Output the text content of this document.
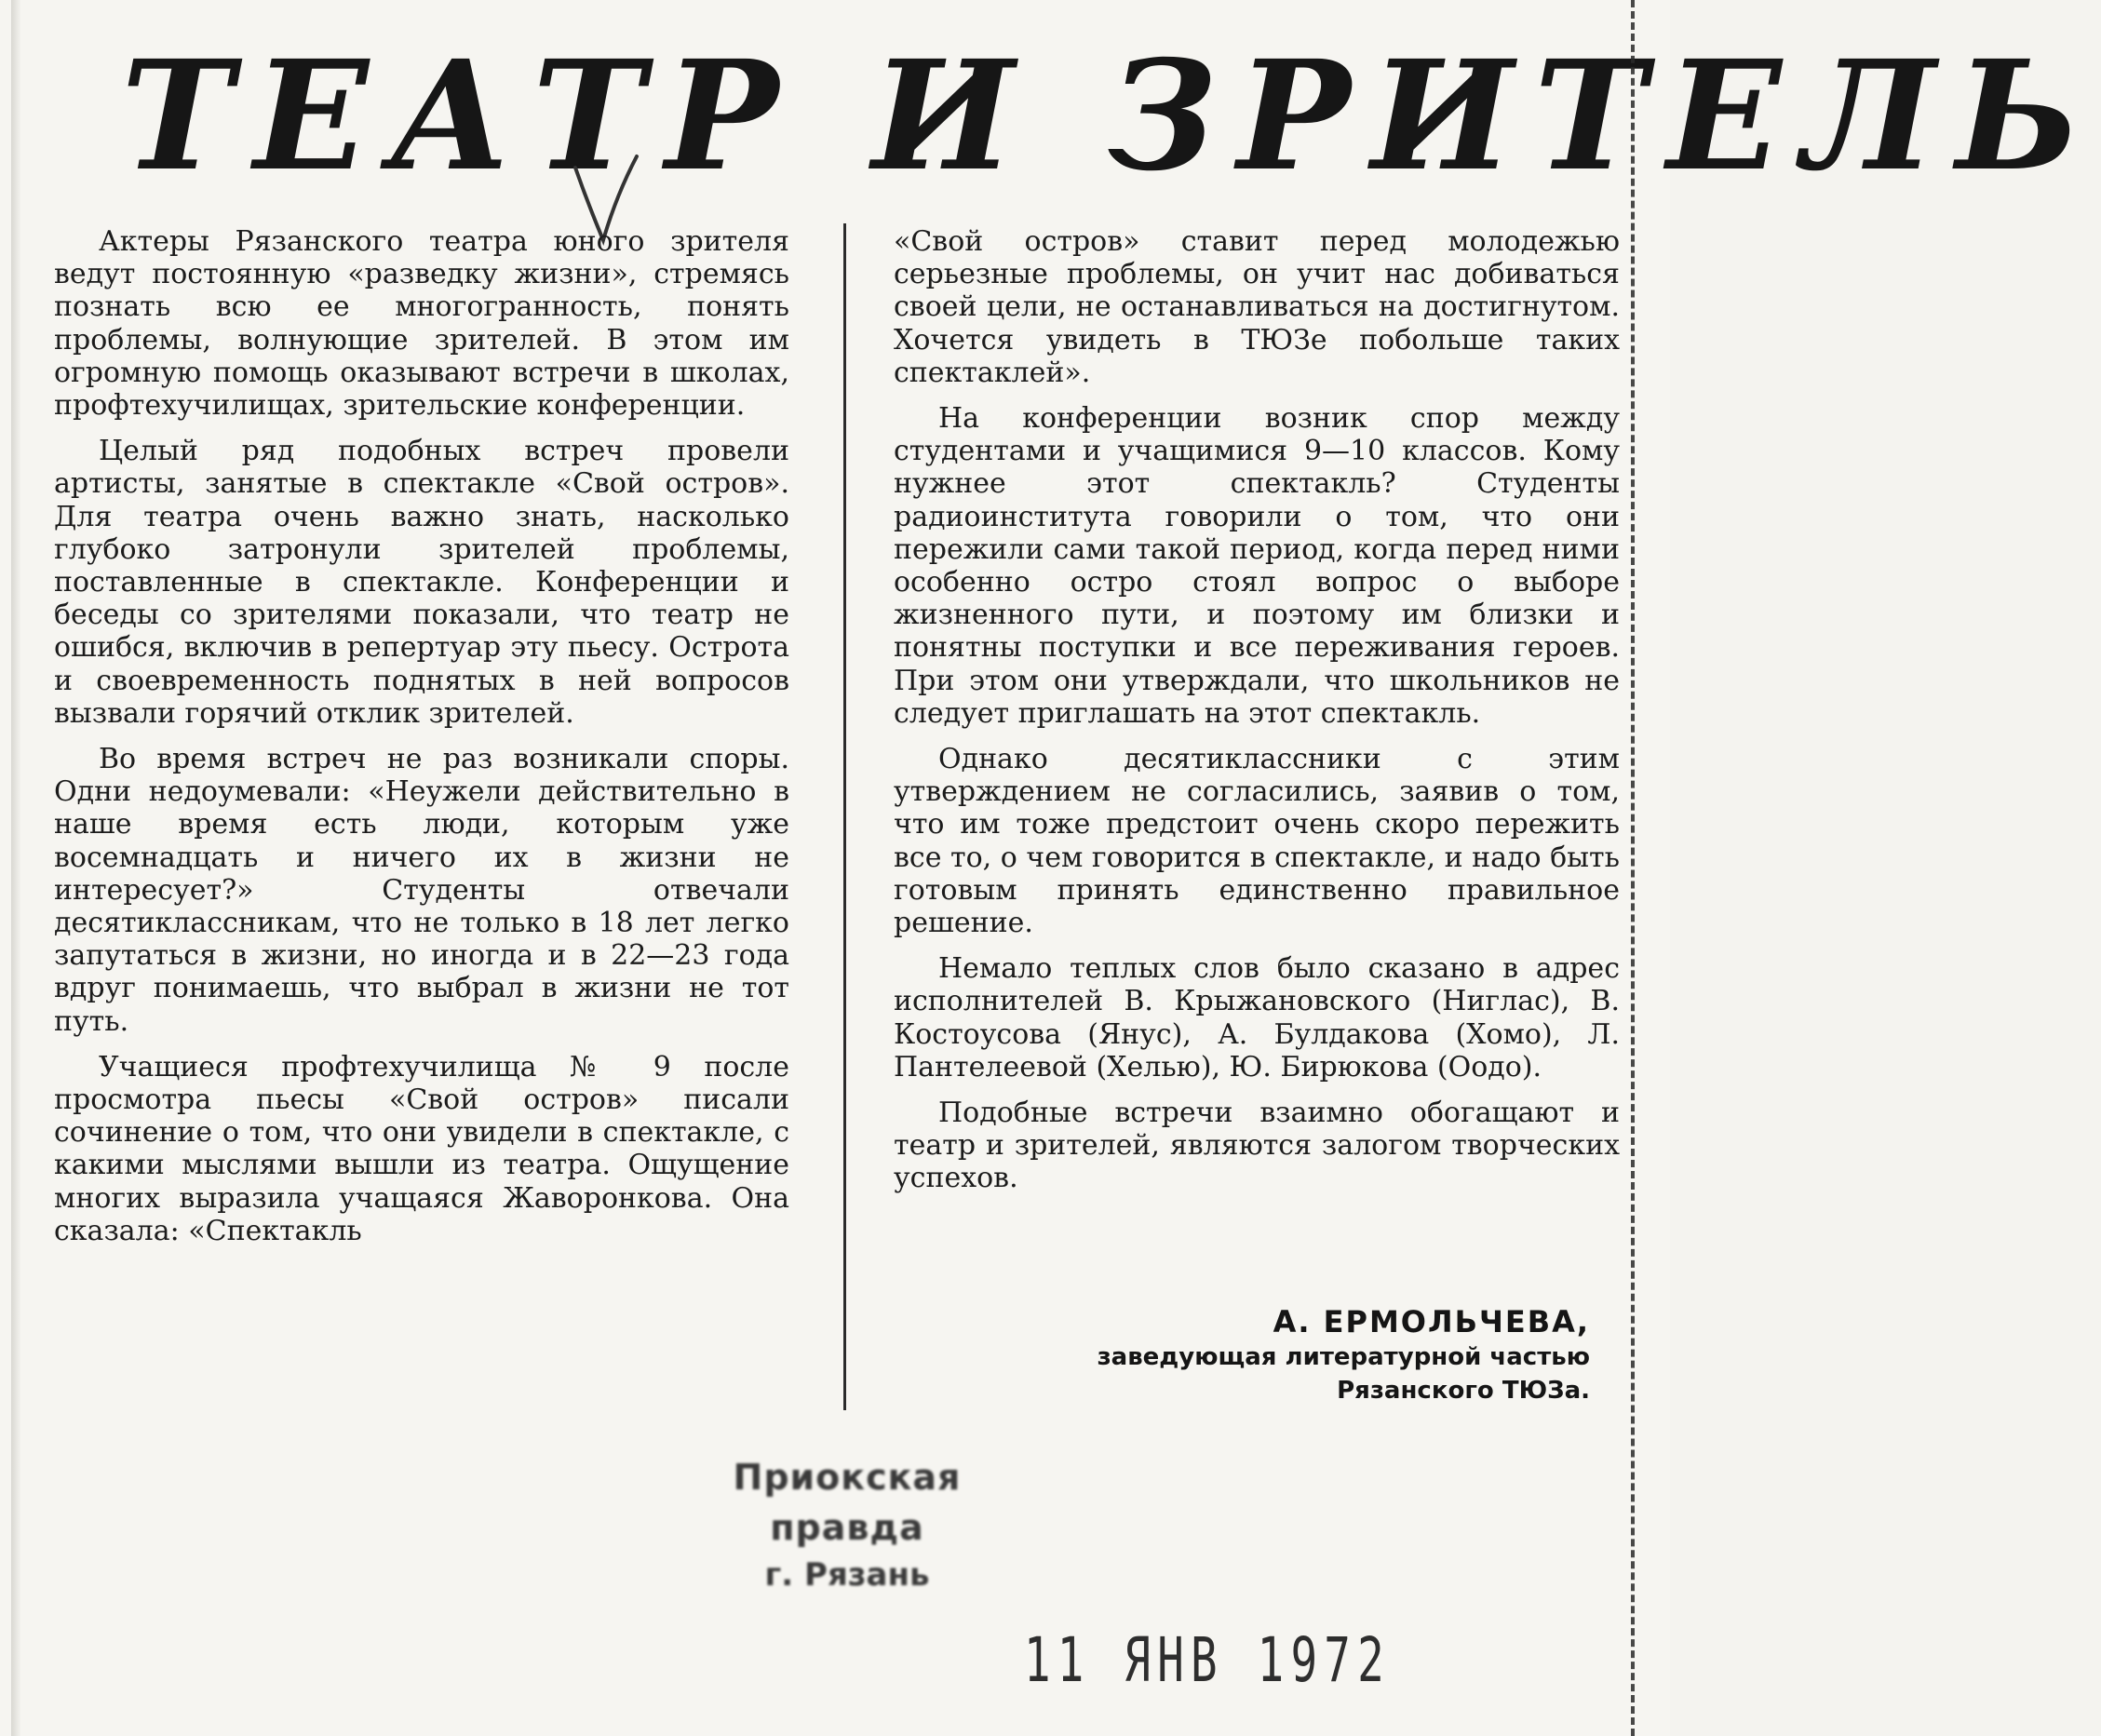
ТЕАТР И ЗРИТЕЛЬ

Актеры Рязанского театра юного зрителя ведут постоянную «разведку жизни», стремясь познать всю ее многогранность, понять проблемы, волнующие зрителей. В этом им огромную помощь оказывают встречи в школах, профтехучилищах, зрительские конференции.

Целый ряд подобных встреч провели артисты, занятые в спектакле «Свой остров». Для театра очень важно знать, насколько глубоко затронули зрителей проблемы, поставленные в спектакле. Конференции и беседы со зрителями показали, что театр не ошибся, включив в репертуар эту пьесу. Острота и своевременность поднятых в ней вопросов вызвали горячий отклик зрителей.

Во время встреч не раз возникали споры. Одни недоумевали: «Неужели действительно в наше время есть люди, которым уже восемнадцать и ничего их в жизни не интересует?» Студенты отвечали десятиклассникам, что не только в 18 лет легко запутаться в жизни, но иногда и в 22—23 года вдруг понимаешь, что выбрал в жизни не тот путь.

Учащиеся профтехучилища № 9 после просмотра пьесы «Свой остров» писали сочинение о том, что они увидели в спектакле, с какими мыслями вышли из театра. Ощущение многих выразила учащаяся Жаворонкова. Она сказала: «Спектакль

«Свой остров» ставит перед молодежью серьезные проблемы, он учит нас добиваться своей цели, не останавливаться на достигнутом. Хочется увидеть в ТЮЗе побольше таких спектаклей».

На конференции возник спор между студентами и учащимися 9—10 классов. Кому нужнее этот спектакль? Студенты радиоинститута говорили о том, что они пережили сами такой период, когда перед ними особенно остро стоял вопрос о выборе жизненного пути, и поэтому им близки и понятны поступки и все переживания героев. При этом они утверждали, что школьников не следует приглашать на этот спектакль.

Однако десятиклассники с этим утверждением не согласились, заявив о том, что им тоже предстоит очень скоро пережить все то, о чем говорится в спектакле, и надо быть готовым принять единственно правильное решение.

Немало теплых слов было сказано в адрес исполнителей В. Крыжановского (Ниглас), В. Костоусова (Янус), А. Булдакова (Хомо), Л. Пантелеевой (Хелью), Ю. Бирюкова (Оодо).

Подобные встречи взаимно обогащают и театр и зрителей, являются залогом творческих успехов.

А. ЕРМОЛЬЧЕВА,
заведующая литературной частью
Рязанского ТЮЗа.
Приокская правда
г. Рязань
11 ЯНВ 1972
